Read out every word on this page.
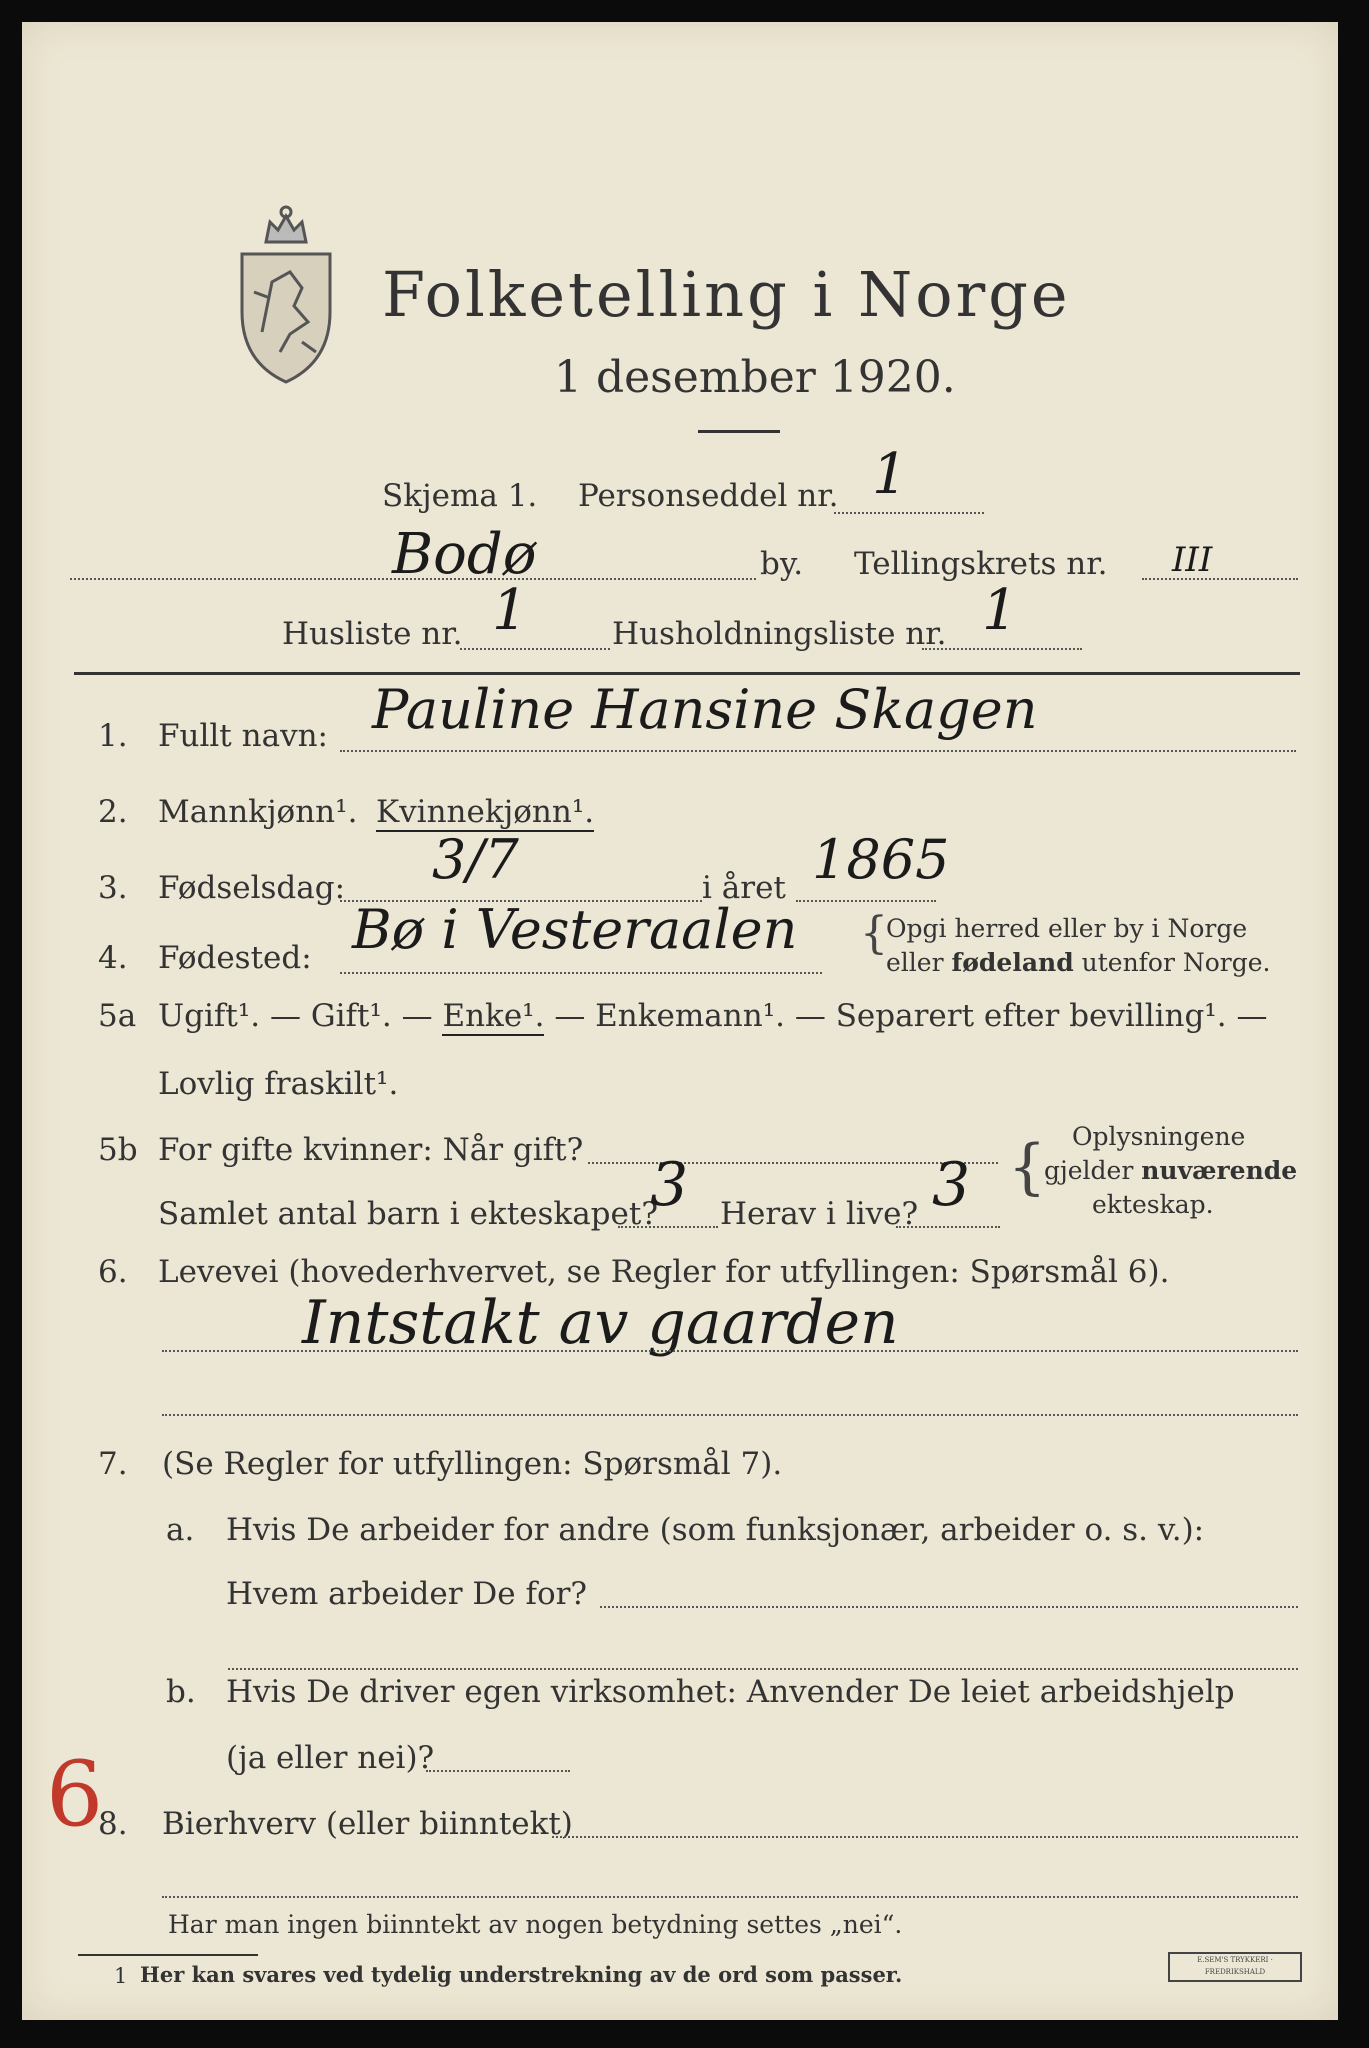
Folketelling i Norge
1 desember 1920.
Skjema 1. Personseddel nr. 1
Bodø	by. Tellingskrets nr. III
Husliste nr. 1	Husholdningsliste nr. 1
1. Fullt navn: Pauline Hansine Skagen
2. Mannkjønn¹. Kvinnekjønn¹.
3. Fødselsdag: 3/7	i året 1865
4. Fødested: Bø i Vesteraalen {
Opgi herred eller by i Norge
eller fødeland utenfor Norge.
5a Ugift¹. — Gift¹. — Enke¹. — Enkemann¹. — Separert efter bevilling¹. —
Lovlig fraskilt¹.
5b For gifte kvinner: Når gift?
Samlet antal barn i ekteskapet?
3 Herav i live? 3 { Oplysningene
gjelder nuværende
ekteskap.
6. Levevei (hovederhvervet, se Regler for utfyllingen: Spørsmål 6).
Intstakt av gaarden
7. (Se Regler for utfyllingen: Spørsmål 7).
a. Hvis De arbeider for andre (som funksjonær, arbeider o. s. v.):
Hvem arbeider De for?
b. Hvis De driver egen virksomhet: Anvender De leiet arbeidshjelp
(ja eller nei)?
6
8. Bierhverv (eller biinntekt)
Har man ingen biinntekt av nogen betydning settes „nei“.
1 Her kan svares ved tydelig understrekning av de ord som passer.
E.SEM'S TRYKKERI · FREDRIKSHALD
